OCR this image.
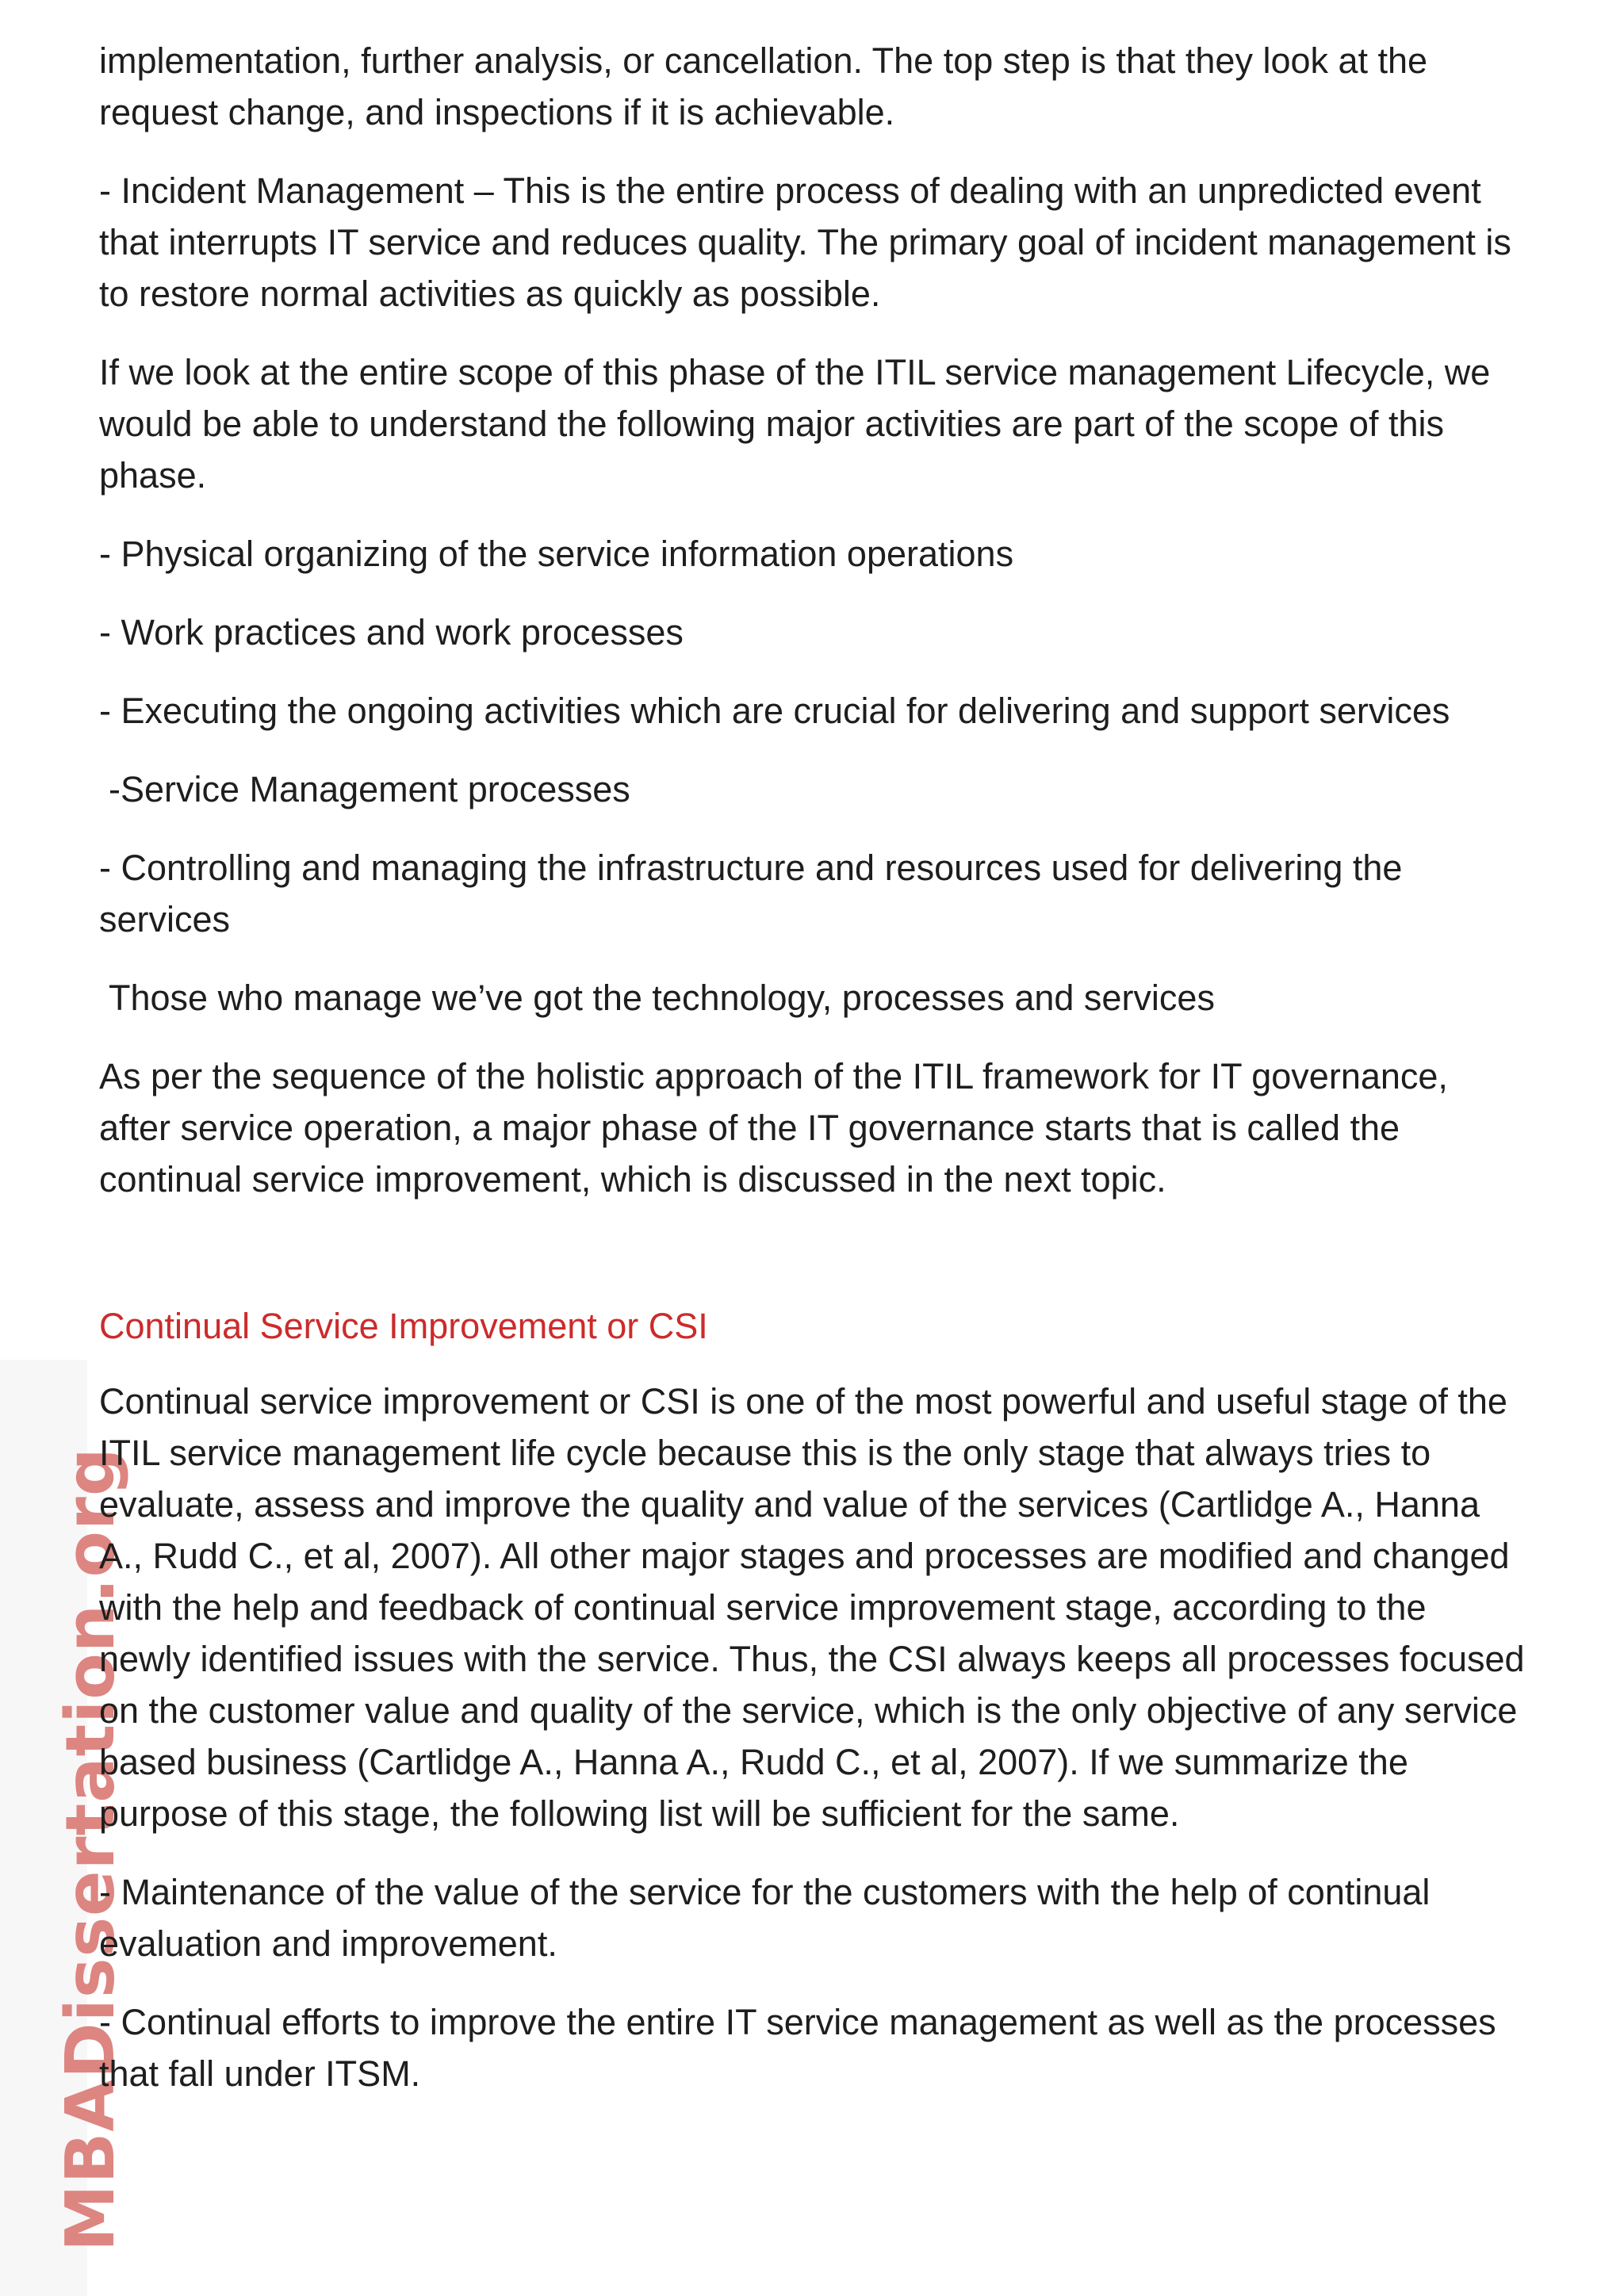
MBADissertation.org

implementation, further analysis, or cancellation. The top step is that they look at the request change, and inspections if it is achievable.

- Incident Management – This is the entire process of dealing with an unpredicted event that interrupts IT service and reduces quality. The primary goal of incident management is to restore normal activities as quickly as possible.

If we look at the entire scope of this phase of the ITIL service management Lifecycle, we would be able to understand the following major activities are part of the scope of this phase.

- Physical organizing of the service information operations

- Work practices and work processes

- Executing the ongoing activities which are crucial for delivering and support services

-Service Management processes

- Controlling and managing the infrastructure and resources used for delivering the services

Those who manage we’ve got the technology, processes and services

As per the sequence of the holistic approach of the ITIL framework for IT governance, after service operation, a major phase of the IT governance starts that is called the continual service improvement, which is discussed in the next topic.

Continual Service Improvement or CSI

Continual service improvement or CSI is one of the most powerful and useful stage of the ITIL service management life cycle because this is the only stage that always tries to evaluate, assess and improve the quality and value of the services (Cartlidge A., Hanna A., Rudd C., et al, 2007). All other major stages and processes are modified and changed with the help and feedback of continual service improvement stage, according to the newly identified issues with the service. Thus, the CSI always keeps all processes focused on the customer value and quality of the service, which is the only objective of any service based business (Cartlidge A., Hanna A., Rudd C., et al, 2007). If we summarize the purpose of this stage, the following list will be sufficient for the same.

- Maintenance of the value of the service for the customers with the help of continual evaluation and improvement.

- Continual efforts to improve the entire IT service management as well as the processes that fall under ITSM.
